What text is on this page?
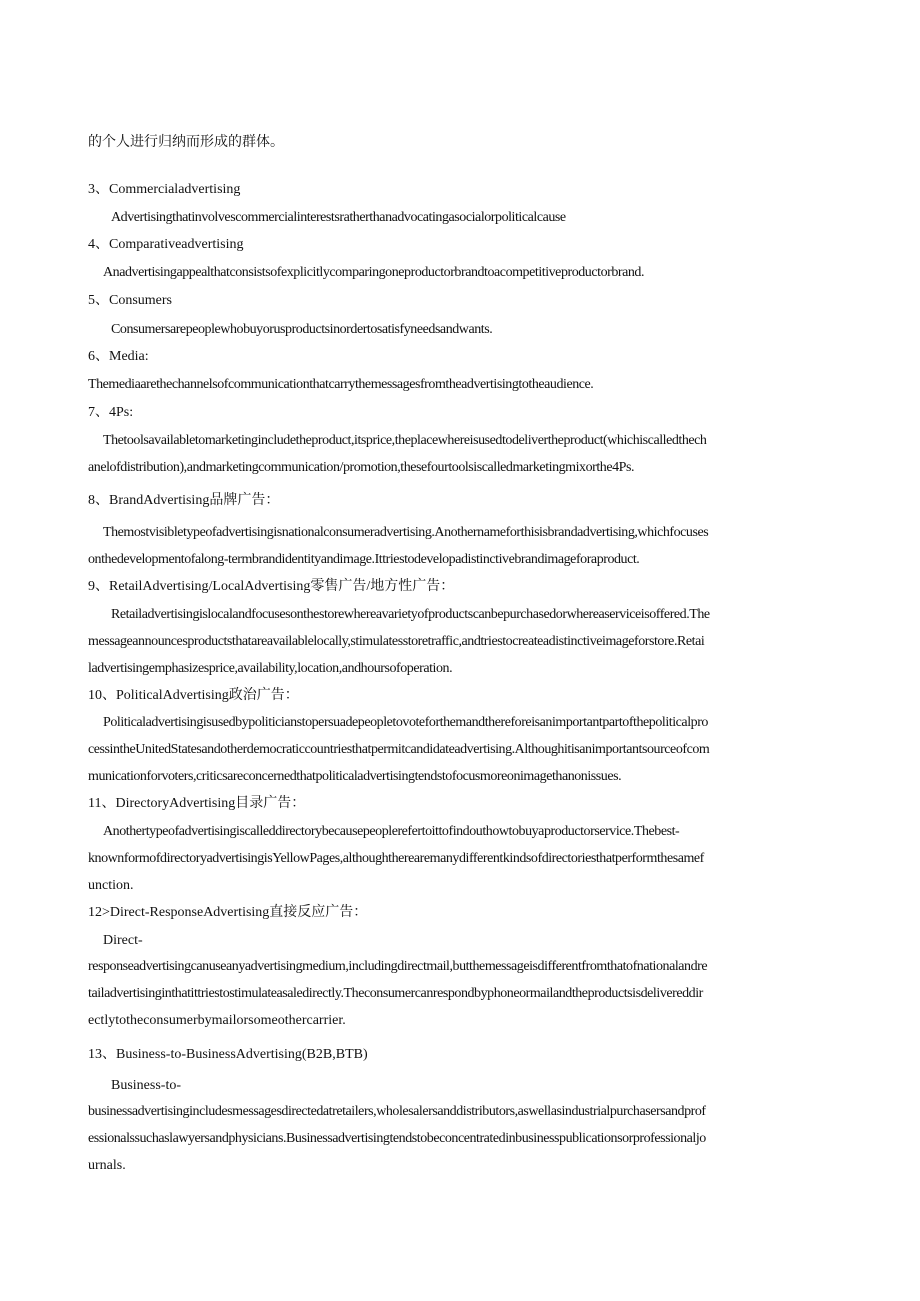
的个人进行归纳而形成的群体。
3、Commercialadvertising
Advertisingthatinvolvescommercialinterestsratherthanadvocatingasocialorpoliticalcause
4、Comparativeadvertising
Anadvertisingappealthatconsistsofexplicitlycomparingoneproductorbrandtoacompetitiveproductorbrand.
5、Consumers
Consumersarepeoplewhobuyorusproductsinordertosatisfyneedsandwants.
6、Media:
Themediaarethechannelsofcommunicationthatcarrythemessagesfromtheadvertisingtotheaudience.
7、4Ps:
Thetoolsavailabletomarketingincludetheproduct,itsprice,theplacewhereisusedtodelivertheproduct(whichiscalledthech
anelofdistribution),andmarketingcommunication/promotion,thesefourtoolsiscalledmarketingmixorthe4Ps.
8、BrandAdvertising品牌广告：
Themostvisibletypeofadvertisingisnationalconsumeradvertising.Anothernameforthisisbrandadvertising,whichfocuses
onthedevelopmentofalong-termbrandidentityandimage.Ittriestodevelopadistinctivebrandimageforaproduct.
9、RetailAdvertising/LocalAdvertising零售广告/地方性广告：
Retailadvertisingislocalandfocusesonthestorewhereavarietyofproductscanbepurchasedorwhereaserviceisoffered.The
messageannouncesproductsthatareavailablelocally,stimulatesstoretraffic,andtriestocreateadistinctiveimageforstore.Retai
ladvertisingemphasizesprice,availability,location,andhoursofoperation.
10、PoliticalAdvertising政治广告：
Politicaladvertisingisusedbypoliticianstopersuadepeopletovoteforthemandthereforeisanimportantpartofthepoliticalpro
cessintheUnitedStatesandotherdemocraticcountriesthatpermitcandidateadvertising.Althoughitisanimportantsourceofcom
municationforvoters,criticsareconcernedthatpoliticaladvertisingtendstofocusmoreonimagethanonissues.
11、DirectoryAdvertising目录广告：
Anothertypeofadvertisingiscalleddirectorybecausepeoplerefertoittofindouthowtobuyaproductorservice.Thebest-
knownformofdirectoryadvertisingisYellowPages,althoughtherearemanydifferentkindsofdirectoriesthatperformthesamef
unction.
12>Direct-ResponseAdvertising直接反应广告：
Direct-
responseadvertisingcanuseanyadvertisingmedium,includingdirectmail,butthemessageisdifferentfromthatofnationalandre
tailadvertisinginthatittriestostimulateasaledirectly.Theconsumercanrespondbyphoneormailandtheproductsisdelivereddir
ectlytotheconsumerbymailorsomeothercarrier.
13、Business-to-BusinessAdvertising(B2B,BTB)
Business-to-
businessadvertisingincludesmessagesdirectedatretailers,wholesalersanddistributors,aswellasindustrialpurchasersandprof
essionalssuchaslawyersandphysicians.Businessadvertisingtendstobeconcentratedinbusinesspublicationsorprofessionaljo
urnals.
